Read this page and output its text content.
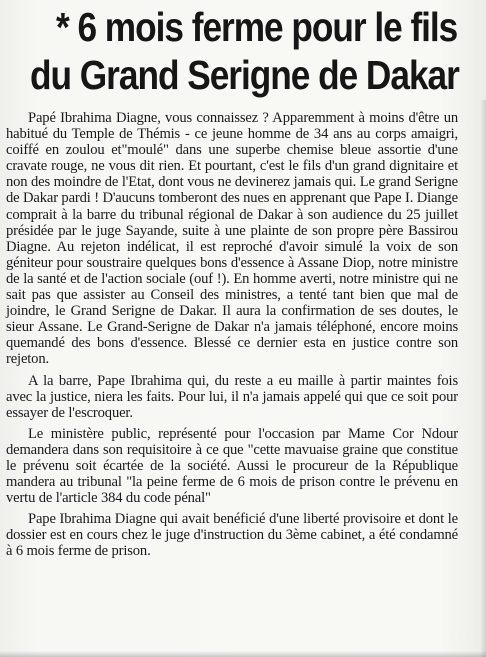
* 6 mois ferme pour le fils
du Grand Serigne de Dakar

Papé Ibrahima Diagne, vous connaissez ? Apparemment à moins d'être un habitué du Temple de Thémis - ce jeune homme de 34 ans au corps amaigri, coiffé en zoulou et"moulé" dans une superbe chemise bleue assortie d'une cravate rouge, ne vous dit rien. Et pourtant, c'est le fils d'un grand dignitaire et non des moindre de l'Etat, dont vous ne devinerez jamais qui. Le grand Serigne de Dakar pardi ! D'aucuns tomberont des nues en apprenant que Pape I. Diange comprait à la barre du tribunal régional de Dakar à son audience du 25 juillet présidée par le juge Sayande, suite à une plainte de son propre père Bassirou Diagne. Au rejeton indélicat, il est reproché d'avoir simulé la voix de son géniteur pour soustraire quelques bons d'essence à Assane Diop, notre ministre de la santé et de l'action sociale (ouf !). En homme averti, notre ministre qui ne sait pas que assister au Conseil des ministres, a tenté tant bien que mal de joindre, le Grand Serigne de Dakar. Il aura la confirmation de ses doutes, le sieur Assane. Le Grand-Serigne de Dakar n'a jamais téléphoné, encore moins quemandé des bons d'essence. Blessé ce dernier esta en justice contre son rejeton.

A la barre, Pape Ibrahima qui, du reste a eu maille à partir maintes fois avec la justice, niera les faits. Pour lui, il n'a jamais appelé qui que ce soit pour essayer de l'escroquer.

Le ministère public, représenté pour l'occasion par Mame Cor Ndour demandera dans son requisitoire à ce que "cette mavuaise graine que constitue le prévenu soit écartée de la société. Aussi le procureur de la République mandera au tribunal "la peine ferme de 6 mois de prison contre le prévenu en vertu de l'article 384 du code pénal"

Pape Ibrahima Diagne qui avait benéficié d'une liberté provisoire et dont le dossier est en cours chez le juge d'instruction du 3ème cabinet, a été condamné à 6 mois ferme de prison.
